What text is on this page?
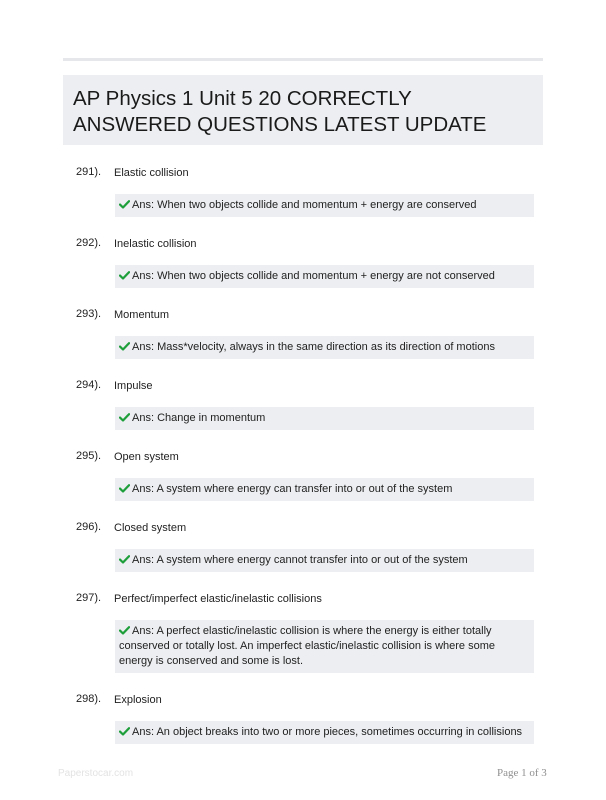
AP Physics 1 Unit 5 20 CORRECTLY ANSWERED QUESTIONS LATEST UPDATE
291). Elastic collision
Ans: When two objects collide and momentum + energy are conserved
292). Inelastic collision
Ans: When two objects collide and momentum + energy are not conserved
293). Momentum
Ans: Mass*velocity, always in the same direction as its direction of motions
294). Impulse
Ans: Change in momentum
295). Open system
Ans: A system where energy can transfer into or out of the system
296). Closed system
Ans: A system where energy cannot transfer into or out of the system
297). Perfect/imperfect elastic/inelastic collisions
Ans: A perfect elastic/inelastic collision is where the energy is either totally conserved or totally lost. An imperfect elastic/inelastic collision is where some energy is conserved and some is lost.
298). Explosion
Ans: An object breaks into two or more pieces, sometimes occurring in collisions
Paperstocar.com	Page 1 of 3
